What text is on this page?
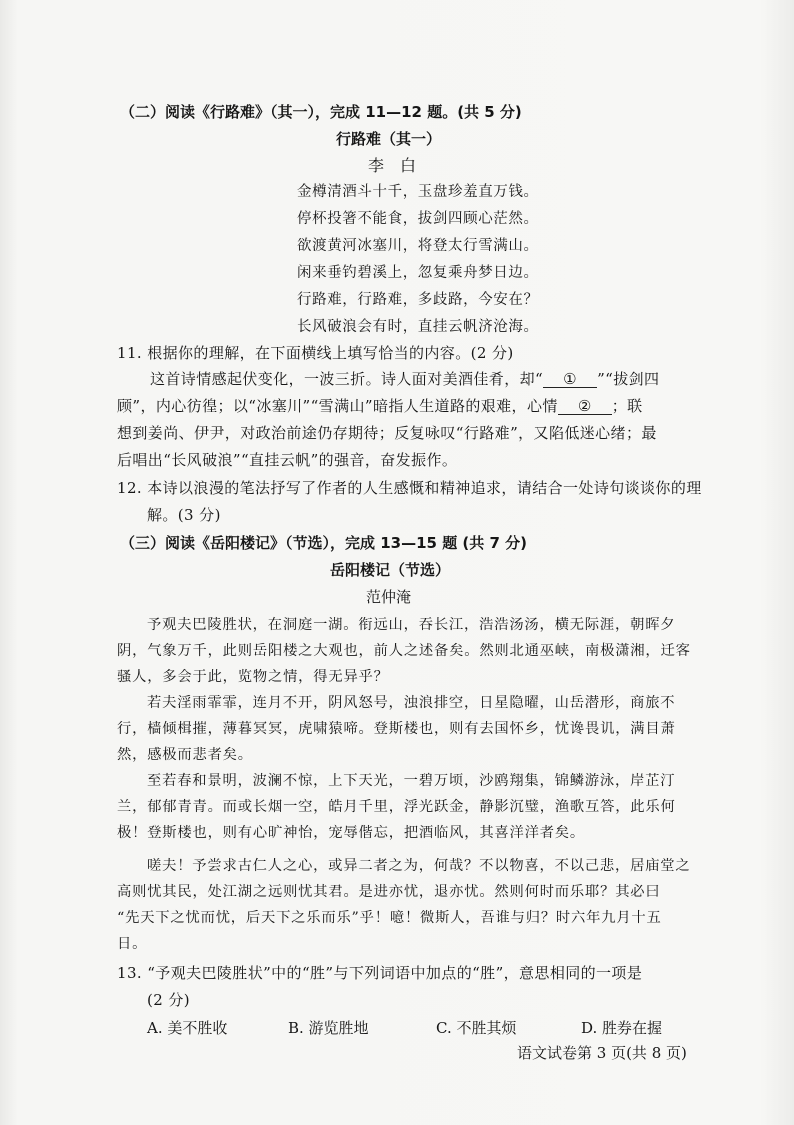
（二）阅读《行路难》（其一），完成 11—12 题。(共 5 分)
行路难（其一）
李　白
金樽清酒斗十千，玉盘珍羞直万钱。
停杯投箸不能食，拔剑四顾心茫然。
欲渡黄河冰塞川，将登太行雪满山。
闲来垂钓碧溪上，忽复乘舟梦日边。
行路难，行路难，多歧路，今安在？
长风破浪会有时，直挂云帆济沧海。
11. 根据你的理解，在下面横线上填写恰当的内容。(2 分)
这首诗情感起伏变化，一波三折。诗人面对美酒佳肴，却“ ① ”“拔剑四
顾”，内心彷徨；以“冰塞川”“雪满山”暗指人生道路的艰难，心情 ② ；联
想到姜尚、伊尹，对政治前途仍存期待；反复咏叹“行路难”，又陷低迷心绪；最
后唱出“长风破浪”“直挂云帆”的强音，奋发振作。
12. 本诗以浪漫的笔法抒写了作者的人生感慨和精神追求，请结合一处诗句谈谈你的理
解。(3 分)
（三）阅读《岳阳楼记》（节选），完成 13—15 题 (共 7 分)
岳阳楼记（节选）
范仲淹
予观夫巴陵胜状，在洞庭一湖。衔远山，吞长江，浩浩汤汤，横无际涯，朝晖夕
阴，气象万千，此则岳阳楼之大观也，前人之述备矣。然则北通巫峡，南极潇湘，迁客
骚人，多会于此，览物之情，得无异乎？
若夫淫雨霏霏，连月不开，阴风怒号，浊浪排空，日星隐曜，山岳潜形，商旅不
行，樯倾楫摧，薄暮冥冥，虎啸猿啼。登斯楼也，则有去国怀乡，忧谗畏讥，满目萧
然，感极而悲者矣。
至若春和景明，波澜不惊，上下天光，一碧万顷，沙鸥翔集，锦鳞游泳，岸芷汀
兰，郁郁青青。而或长烟一空，皓月千里，浮光跃金，静影沉璧，渔歌互答，此乐何
极！登斯楼也，则有心旷神怡，宠辱偕忘，把酒临风，其喜洋洋者矣。
嗟夫！予尝求古仁人之心，或异二者之为，何哉？不以物喜，不以己悲，居庙堂之
高则忧其民，处江湖之远则忧其君。是进亦忧，退亦忧。然则何时而乐耶？其必曰
“先天下之忧而忧，后天下之乐而乐”乎！噫！微斯人，吾谁与归？时六年九月十五
日。
13. “予观夫巴陵胜状”中的“胜”与下列词语中加点的“胜”，意思相同的一项是
(2 分)
A. 美不胜收	B. 游览胜地	C. 不胜其烦	D. 胜券在握
语文试卷第 3 页(共 8 页)
